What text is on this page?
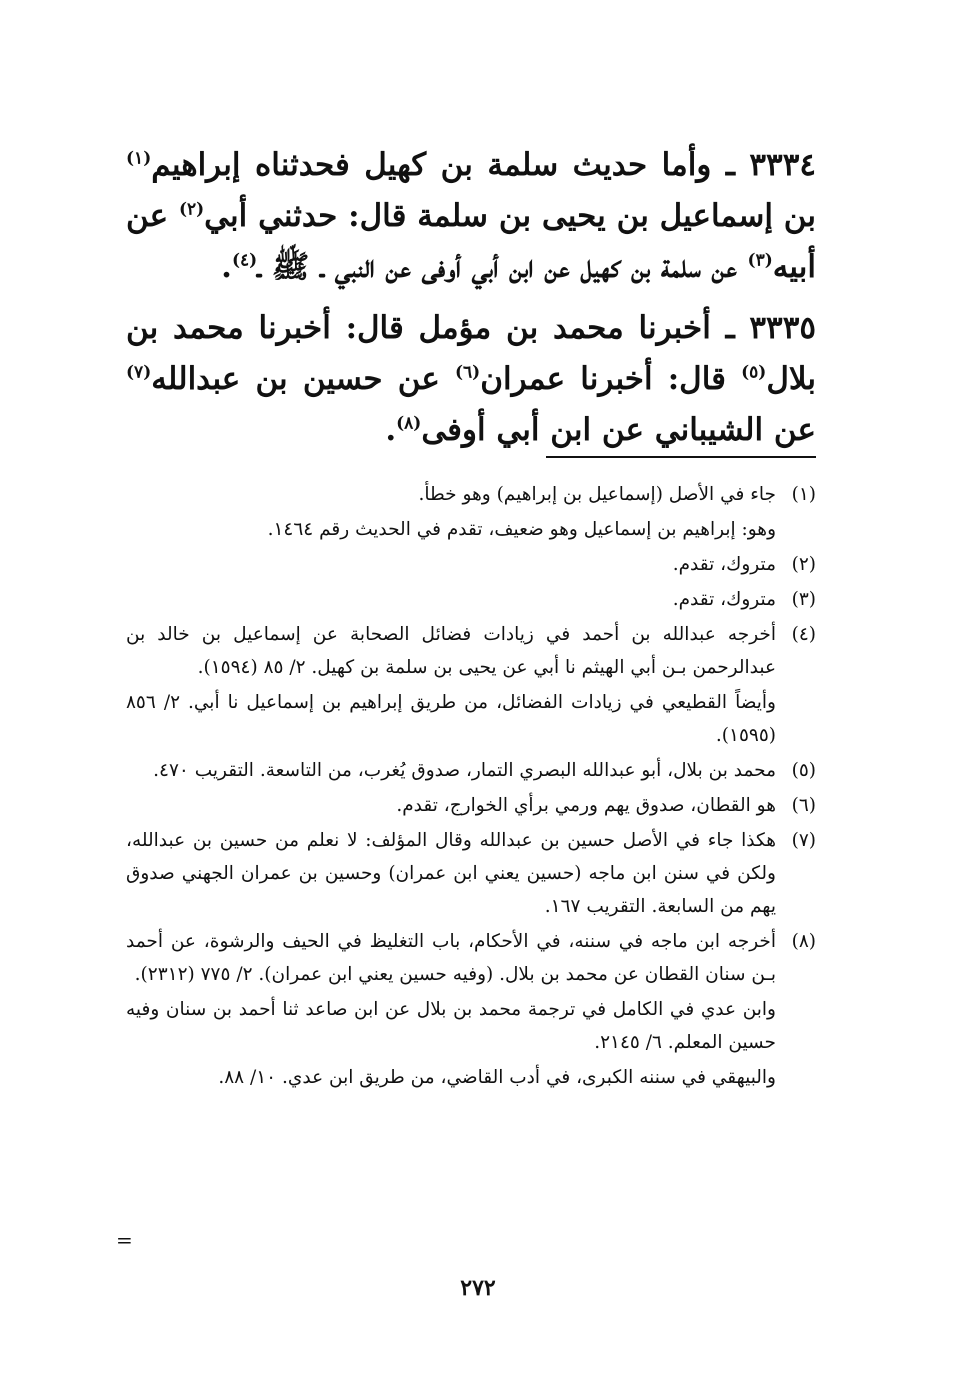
٣٣٣٤ ـ وأما حديث سلمة بن كهيل فحدثناه إبراهيم$^{(١)}$ بن إسماعيل بن يحيى بن سلمة قال: حدثني أبي$^{(٢)}$ عن أبيه$^{(٣)}$ عن سلمة بن كهيل عن ابن أبي أوفى عن النبي ـ ﷺ ـ$^{(٤)}$.

٣٣٣٥ ـ أخبرنا محمد بن مؤمل قال: أخبرنا محمد بن بلال$^{(٥)}$ قال: أخبرنا عمران$^{(٦)}$ عن حسين بن عبدالله$^{(٧)}$ عن الشيباني عن ابن أبي أوفى$^{(٨)}$.

(١)
جاء في الأصل (إسماعيل بن إبراهيم) وهو خطأ.
وهو: إبراهيم بن إسماعيل وهو ضعيف، تقدم في الحديث رقم ١٤٦٤.
(٢)
متروك، تقدم.
(٣)
متروك، تقدم.
(٤)
أخرجه عبدالله بن أحمد في زيادات فضائل الصحابة عن إسماعيل بن خالد بن عبدالرحمن بـن أبي الهيثم نا أبي عن يحيى بن سلمة بن كهيل. ٢/ ٨٥ (١٥٩٤).
وأيضاً القطيعي في زيادات الفضائل، من طريق إبراهيم بن إسماعيل نا أبي. ٢/ ٨٥٦ (١٥٩٥).
(٥)
محمد بن بلال، أبو عبدالله البصري التمار، صدوق يُغرب، من التاسعة. التقريب ٤٧٠.
(٦)
هو القطان، صدوق يهم ورمي برأي الخوارج، تقدم.
(٧)
هكذا جاء في الأصل حسين بن عبدالله وقال المؤلف: لا نعلم من حسين بن عبدالله، ولكن في سنن ابن ماجه (حسين يعني ابن عمران) وحسين بن عمران الجهني صدوق يهم من السابعة. التقريب ١٦٧.
(٨)
أخرجه ابن ماجه في سننه، في الأحكام، باب التغليظ في الحيف والرشوة، عن أحمد بـن سنان القطان عن محمد بن بلال. (وفيه حسين يعني ابن عمران). ٢/ ٧٧٥ (٢٣١٢).
وابن عدي في الكامل في ترجمة محمد بن بلال عن ابن صاعد ثنا أحمد بن سنان وفيه حسين المعلم. ٦/ ٢١٤٥.
والبيهقي في سننه الكبرى، في أدب القاضي، من طريق ابن عدي. ١٠/ ٨٨.
=
٢٧٢
